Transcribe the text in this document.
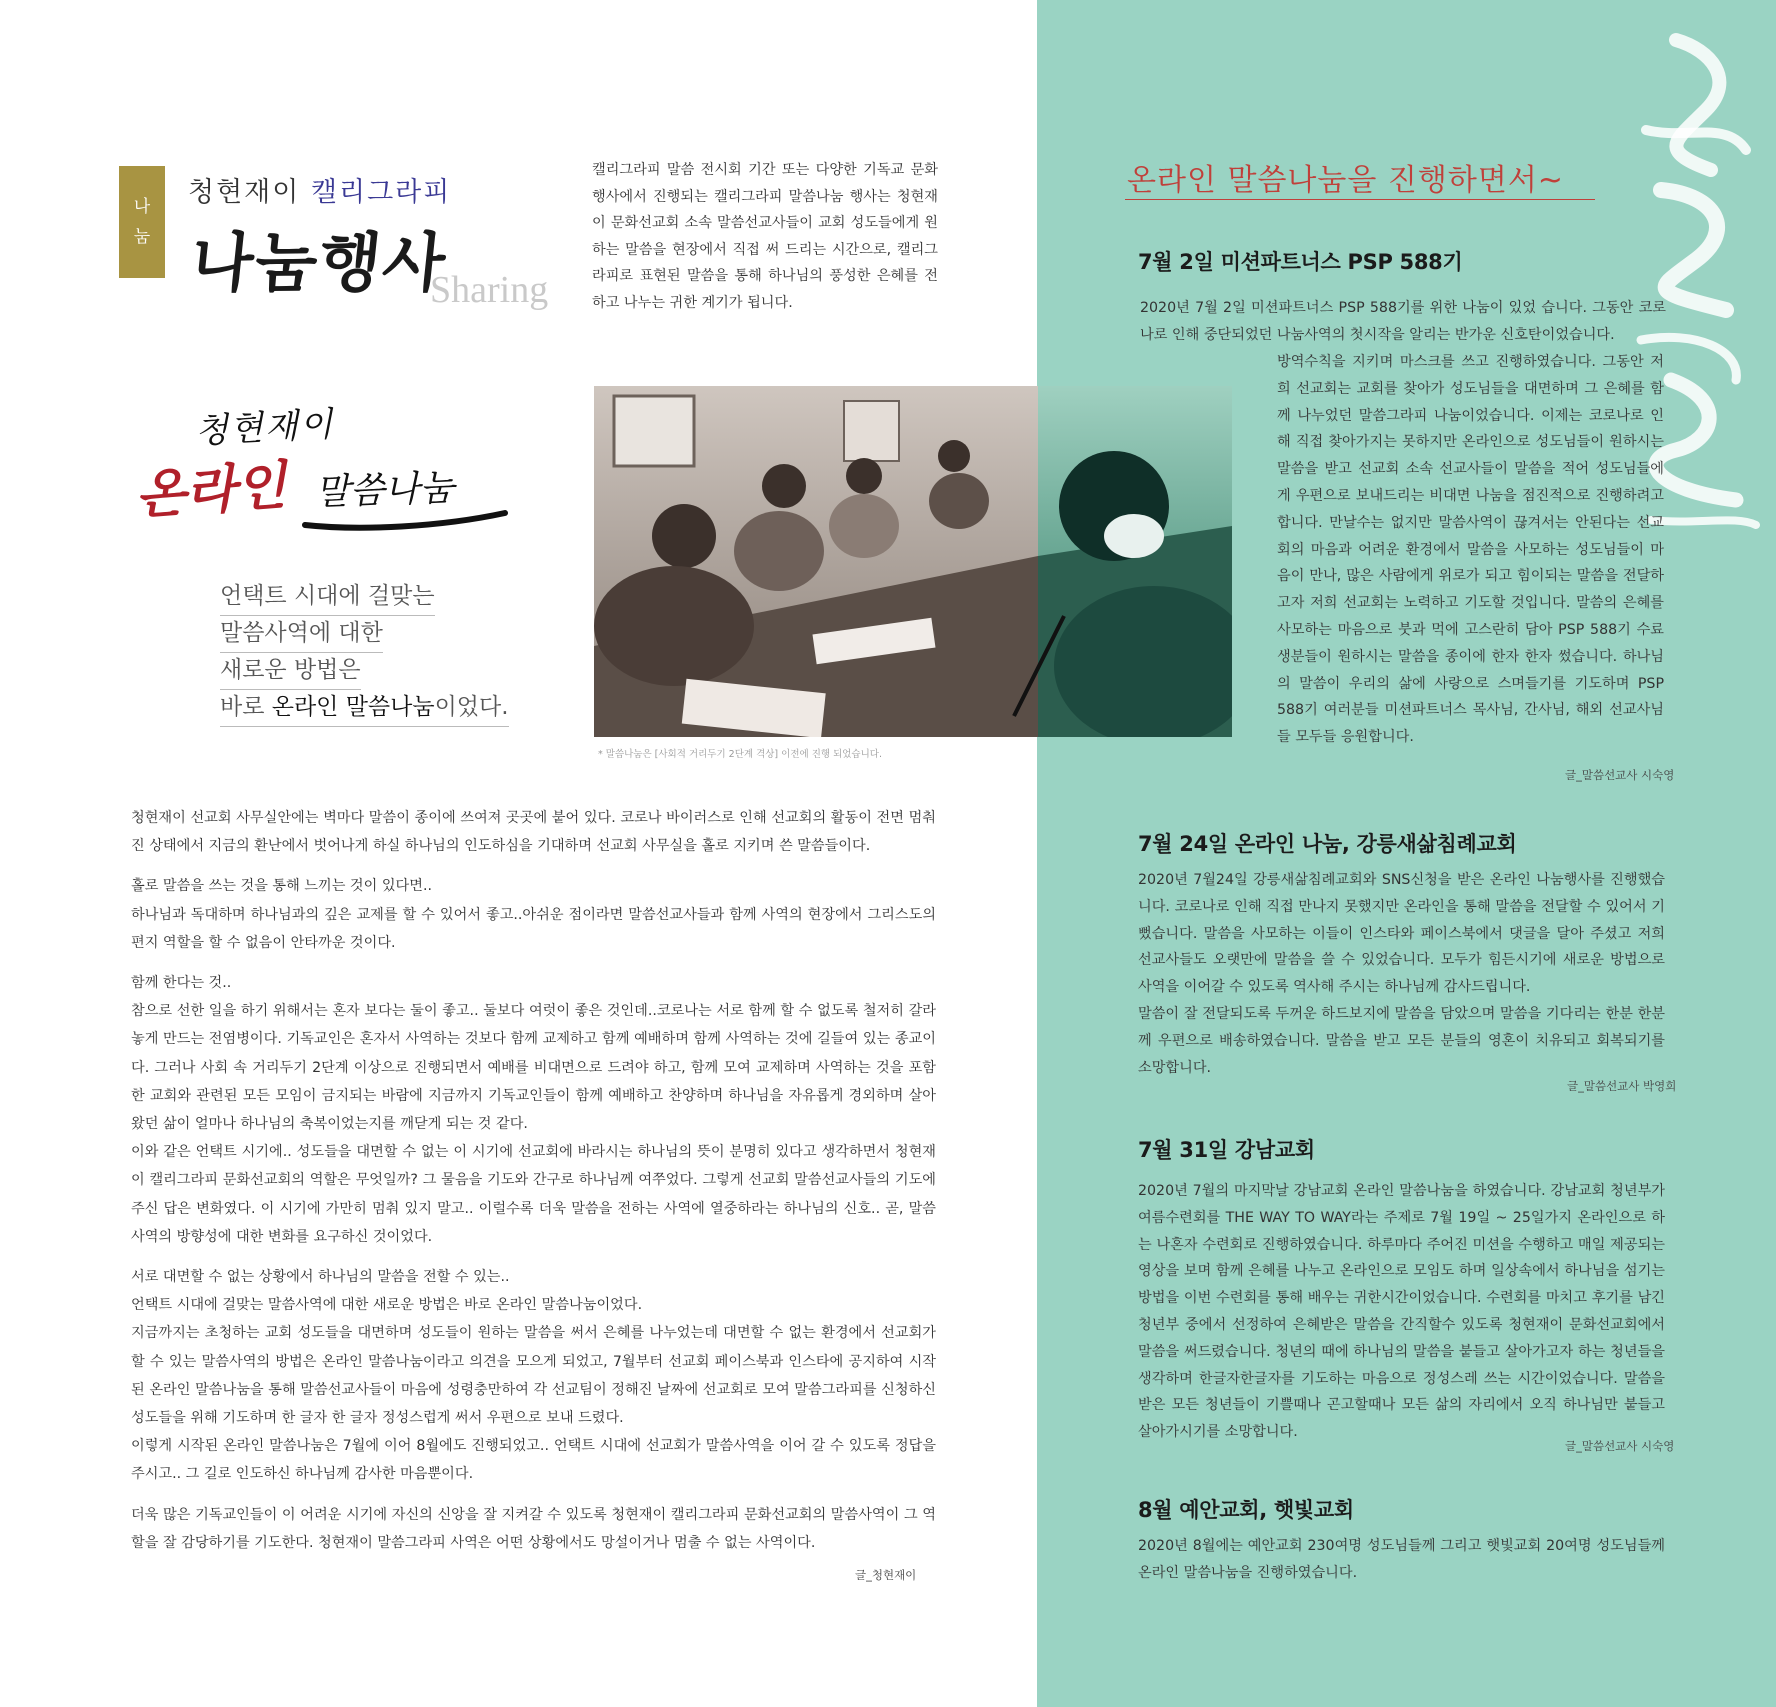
나
눔
청현재이 캘리그라피
나눔행사
Sharing
캘리그라피 말씀 전시회 기간 또는 다양한 기독교 문화 행사에서 진행되는 캘리그라피 말씀나눔 행사는 청현재이 문화선교회 소속 말씀선교사들이 교회 성도들에게 원하는 말씀을 현장에서 직접 써 드리는 시간으로, 캘리그라피로 표현된 말씀을 통해 하나님의 풍성한 은혜를 전하고 나누는 귀한 계기가 됩니다.
청현재이
온라인 말씀나눔
언택트 시대에 걸맞는
말씀사역에 대한
새로운 방법은
바로 온라인 말씀나눔이었다.
* 말씀나눔은 [사회적 거리두기 2단계 격상] 이전에 진행 되었습니다.

청현재이 선교회 사무실안에는 벽마다 말씀이 종이에 쓰여져 곳곳에 붙어 있다. 코로나 바이러스로 인해 선교회의 활동이 전면 멈춰진 상태에서 지금의 환난에서 벗어나게 하실 하나님의 인도하심을 기대하며 선교회 사무실을 홀로 지키며 쓴 말씀들이다.

홀로 말씀을 쓰는 것을 통해 느끼는 것이 있다면..

하나님과 독대하며 하나님과의 깊은 교제를 할 수 있어서 좋고..아쉬운 점이라면 말씀선교사들과 함께 사역의 현장에서 그리스도의 편지 역할을 할 수 없음이 안타까운 것이다.

함께 한다는 것..

참으로 선한 일을 하기 위해서는 혼자 보다는 둘이 좋고.. 둘보다 여럿이 좋은 것인데..코로나는 서로 함께 할 수 없도록 철저히 갈라 놓게 만드는 전염병이다. 기독교인은 혼자서 사역하는 것보다 함께 교제하고 함께 예배하며 함께 사역하는 것에 길들여 있는 종교이다. 그러나 사회 속 거리두기 2단계 이상으로 진행되면서 예배를 비대면으로 드려야 하고, 함께 모여 교제하며 사역하는 것을 포함한 교회와 관련된 모든 모임이 금지되는 바람에 지금까지 기독교인들이 함께 예배하고 찬양하며 하나님을 자유롭게 경외하며 살아왔던 삶이 얼마나 하나님의 축복이었는지를 깨닫게 되는 것 같다.

이와 같은 언택트 시기에.. 성도들을 대면할 수 없는 이 시기에 선교회에 바라시는 하나님의 뜻이 분명히 있다고 생각하면서 청현재이 캘리그라피 문화선교회의 역할은 무엇일까? 그 물음을 기도와 간구로 하나님께 여쭈었다. 그렇게 선교회 말씀선교사들의 기도에 주신 답은 변화였다. 이 시기에 가만히 멈춰 있지 말고.. 이럴수록 더욱 말씀을 전하는 사역에 열중하라는 하나님의 신호.. 곧, 말씀사역의 방향성에 대한 변화를 요구하신 것이었다.

서로 대면할 수 없는 상황에서 하나님의 말씀을 전할 수 있는..

언택트 시대에 걸맞는 말씀사역에 대한 새로운 방법은 바로 온라인 말씀나눔이었다.

지금까지는 초청하는 교회 성도들을 대면하며 성도들이 원하는 말씀을 써서 은혜를 나누었는데 대면할 수 없는 환경에서 선교회가 할 수 있는 말씀사역의 방법은 온라인 말씀나눔이라고 의견을 모으게 되었고, 7월부터 선교회 페이스북과 인스타에 공지하여 시작된 온라인 말씀나눔을 통해 말씀선교사들이 마음에 성령충만하여 각 선교팀이 정해진 날짜에 선교회로 모여 말씀그라피를 신청하신 성도들을 위해 기도하며 한 글자 한 글자 정성스럽게 써서 우편으로 보내 드렸다.

이렇게 시작된 온라인 말씀나눔은 7월에 이어 8월에도 진행되었고.. 언택트 시대에 선교회가 말씀사역을 이어 갈 수 있도록 정답을 주시고.. 그 길로 인도하신 하나님께 감사한 마음뿐이다.

더욱 많은 기독교인들이 이 어려운 시기에 자신의 신앙을 잘 지켜갈 수 있도록 청현재이 캘리그라피 문화선교회의 말씀사역이 그 역할을 잘 감당하기를 기도한다. 청현재이 말씀그라피 사역은 어떤 상황에서도 망설이거나 멈출 수 없는 사역이다.

글_청현재이
온라인 말씀나눔을 진행하면서~
7월 2일 미션파트너스 PSP 588기
2020년 7월 2일 미션파트너스 PSP 588기를 위한 나눔이 있었 습니다. 그동안 코로나로 인해 중단되었던 나눔사역의 첫시작을 알리는 반가운 신호탄이었습니다.
방역수칙을 지키며 마스크를 쓰고 진행하였습니다. 그동안 저희 선교회는 교회를 찾아가 성도님들을 대면하며 그 은혜를 함께 나누었던 말씀그라피 나눔이었습니다. 이제는 코로나로 인해 직접 찾아가지는 못하지만 온라인으로 성도님들이 원하시는 말씀을 받고 선교회 소속 선교사들이 말씀을 적어 성도님들에게 우편으로 보내드리는 비대면 나눔을 점진적으로 진행하려고 합니다. 만날수는 없지만 말씀사역이 끊겨서는 안된다는 선교회의 마음과 어려운 환경에서 말씀을 사모하는 성도님들이 마음이 만나, 많은 사람에게 위로가 되고 힘이되는 말씀을 전달하고자 저희 선교회는 노력하고 기도할 것입니다. 말씀의 은혜를 사모하는 마음으로 붓과 먹에 고스란히 담아 PSP 588기 수료생분들이 원하시는 말씀을 종이에 한자 한자 썼습니다. 하나님의 말씀이 우리의 삶에 사랑으로 스며들기를 기도하며 PSP 588기 여러분들 미션파트너스 목사님, 간사님, 해외 선교사님들 모두들 응원합니다.
글_말씀선교사 시숙영
7월 24일 온라인 나눔, 강릉새삶침례교회

2020년 7월24일 강릉새삶침례교회와 SNS신청을 받은 온라인 나눔행사를 진행했습니다. 코로나로 인해 직접 만나지 못했지만 온라인을 통해 말씀을 전달할 수 있어서 기뻤습니다. 말씀을 사모하는 이들이 인스타와 페이스북에서 댓글을 달아 주셨고 저희 선교사들도 오랫만에 말씀을 쓸 수 있었습니다. 모두가 힘든시기에 새로운 방법으로 사역을 이어갈 수 있도록 역사해 주시는 하나님께 감사드립니다.

말씀이 잘 전달되도록 두꺼운 하드보지에 말씀을 담았으며 말씀을 기다리는 한분 한분께 우편으로 배송하였습니다. 말씀을 받고 모든 분들의 영혼이 치유되고 회복되기를 소망합니다.

글_말씀선교사 박영희
7월 31일 강남교회
2020년 7월의 마지막날 강남교회 온라인 말씀나눔을 하였습니다. 강남교회 청년부가 여름수련회를 THE WAY TO WAY라는 주제로 7월 19일 ~ 25일가지 온라인으로 하는 나혼자 수련회로 진행하였습니다. 하루마다 주어진 미션을 수행하고 매일 제공되는 영상을 보며 함께 은혜를 나누고 온라인으로 모임도 하며 일상속에서 하나님을 섬기는 방법을 이번 수련회를 통해 배우는 귀한시간이었습니다. 수련회를 마치고 후기를 남긴 청년부 중에서 선정하여 은혜받은 말씀을 간직할수 있도록 청현재이 문화선교회에서 말씀을 써드렸습니다. 청년의 때에 하나님의 말씀을 붙들고 살아가고자 하는 청년들을 생각하며 한글자한글자를 기도하는 마음으로 정성스레 쓰는 시간이었습니다. 말씀을 받은 모든 청년들이 기쁠때나 곤고할때나 모든 삶의 자리에서 오직 하나님만 붙들고 살아가시기를 소망합니다.
글_말씀선교사 시숙영
8월 예안교회, 햇빛교회
2020년 8월에는 예안교회 230여명 성도님들께 그리고 햇빛교회 20여명 성도님들께 온라인 말씀나눔을 진행하였습니다.
